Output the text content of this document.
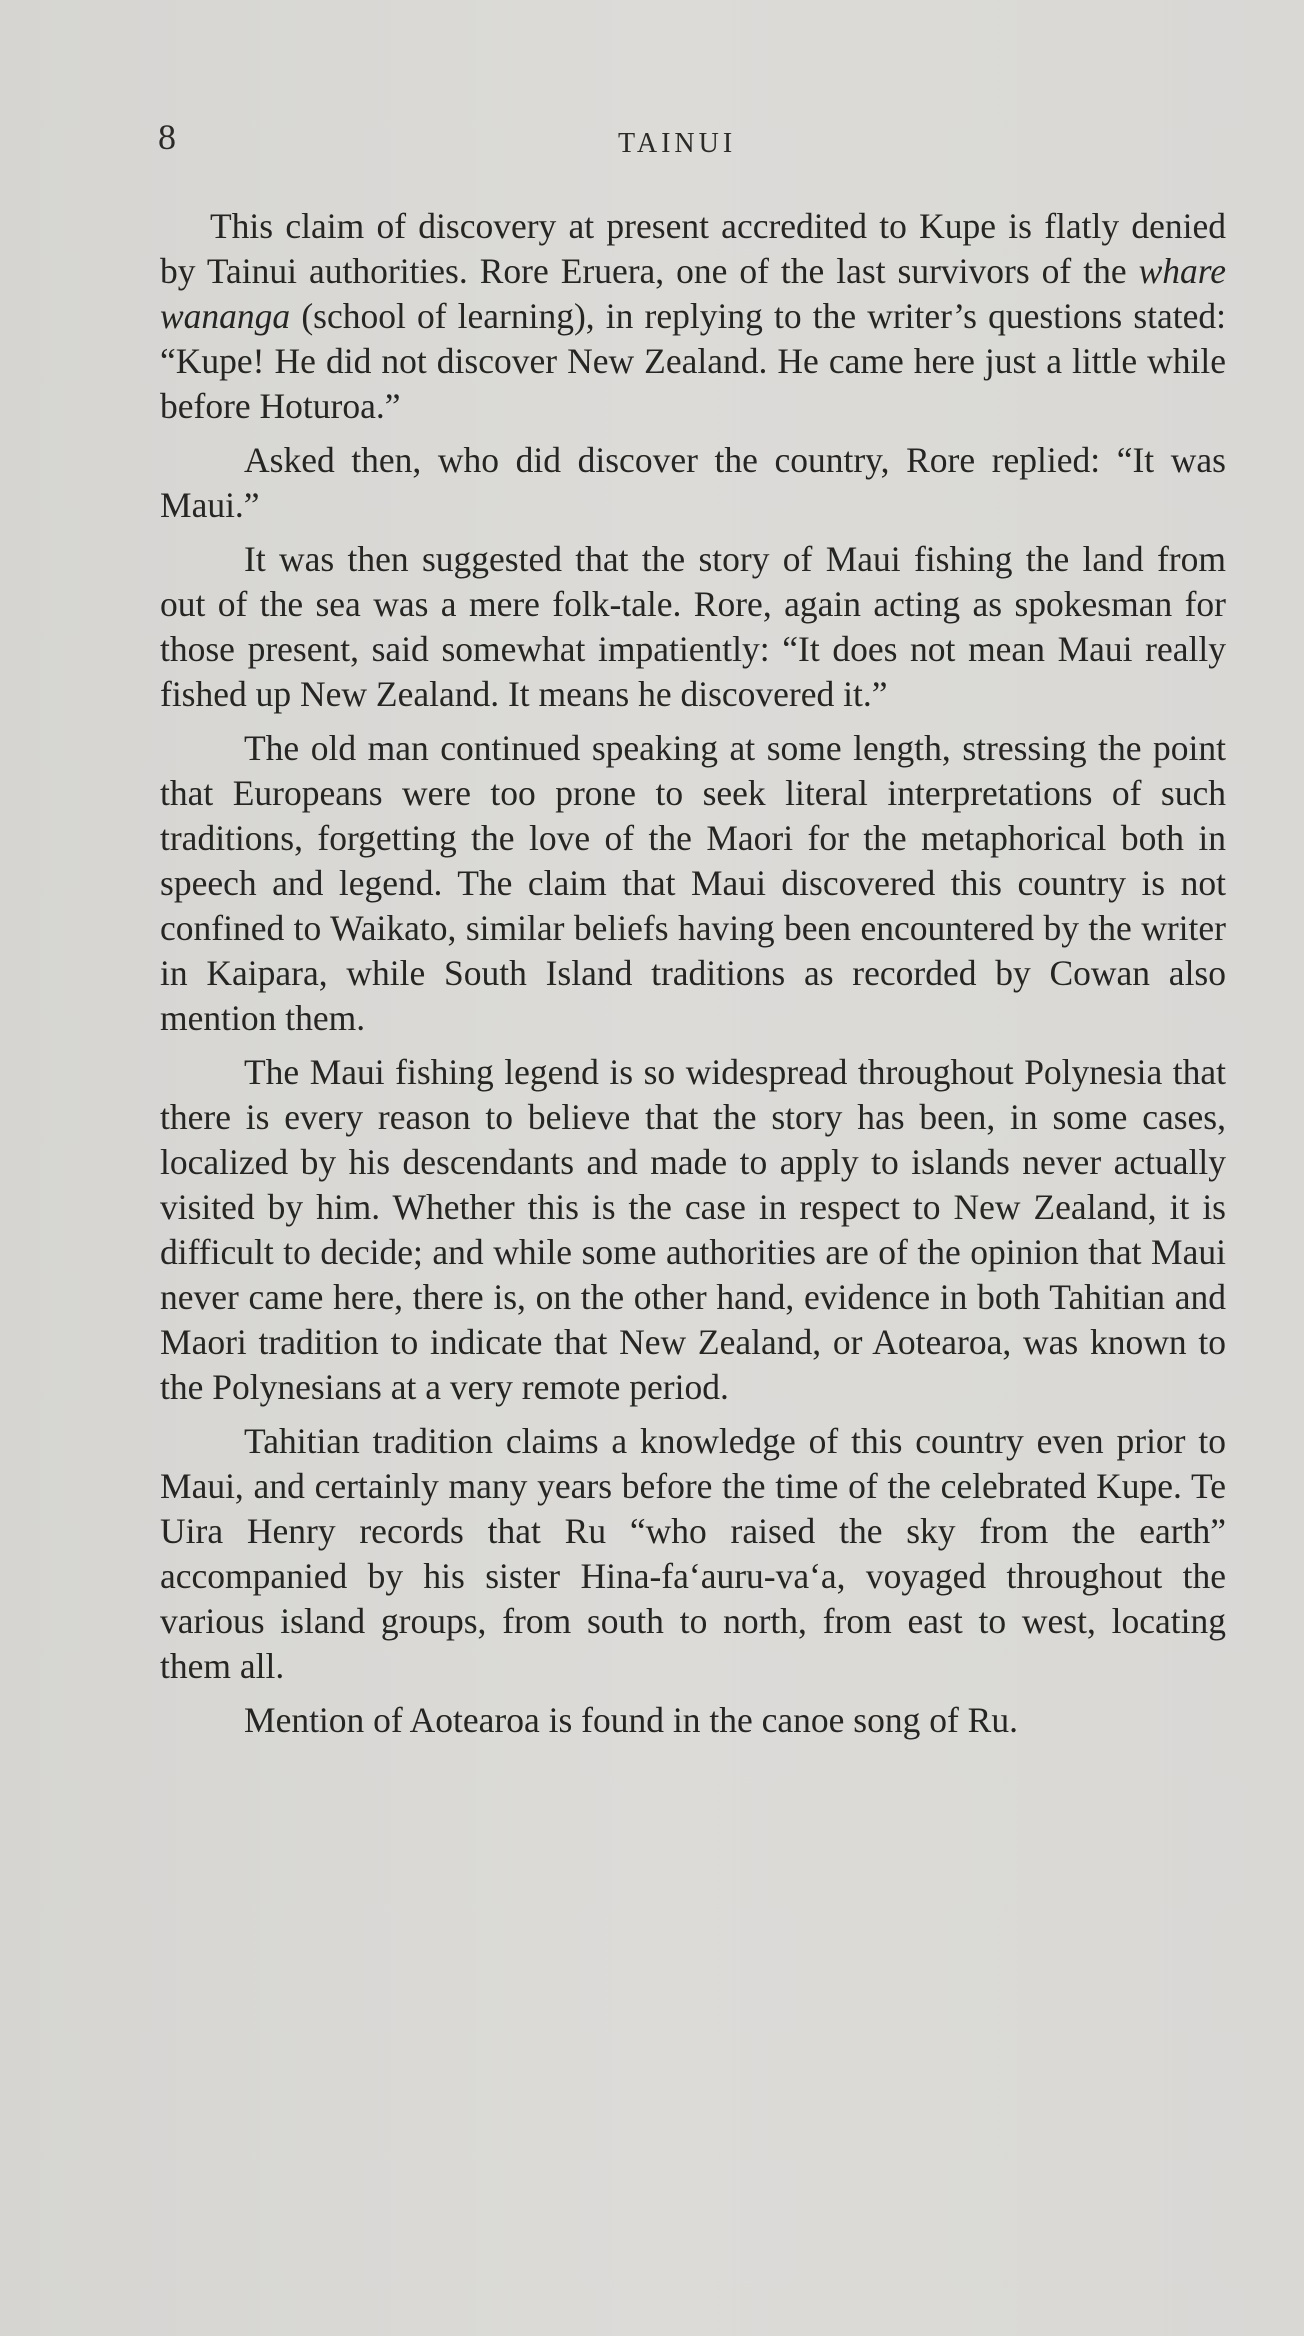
8	TAINUI

This claim of discovery at present accredited to Kupe is flatly denied by Tainui authorities. Rore Eruera, one of the last survivors of the whare wananga (school of learning), in replying to the writer’s questions stated: “Kupe! He did not discover New Zealand. He came here just a little while before Hoturoa.”

Asked then, who did discover the country, Rore replied: “It was Maui.”

It was then suggested that the story of Maui fishing the land from out of the sea was a mere folk-tale. Rore, again acting as spokesman for those present, said somewhat impatiently: “It does not mean Maui really fished up New Zealand. It means he discovered it.”

The old man continued speaking at some length, stressing the point that Europeans were too prone to seek literal interpretations of such traditions, forgetting the love of the Maori for the metaphorical both in speech and legend. The claim that Maui discovered this country is not confined to Waikato, similar beliefs having been encountered by the writer in Kaipara, while South Island traditions as recorded by Cowan also mention them.

The Maui fishing legend is so widespread throughout Polynesia that there is every reason to believe that the story has been, in some cases, localized by his descendants and made to apply to islands never actually visited by him. Whether this is the case in respect to New Zealand, it is difficult to decide; and while some authorities are of the opinion that Maui never came here, there is, on the other hand, evidence in both Tahitian and Maori tradition to indicate that New Zealand, or Aotearoa, was known to the Polynesians at a very remote period.

Tahitian tradition claims a knowledge of this country even prior to Maui, and certainly many years before the time of the celebrated Kupe. Te Uira Henry records that Ru “who raised the sky from the earth” accompanied by his sister Hina-fa‘auru-va‘a, voyaged throughout the various island groups, from south to north, from east to west, locating them all.

Mention of Aotearoa is found in the canoe song of Ru.
